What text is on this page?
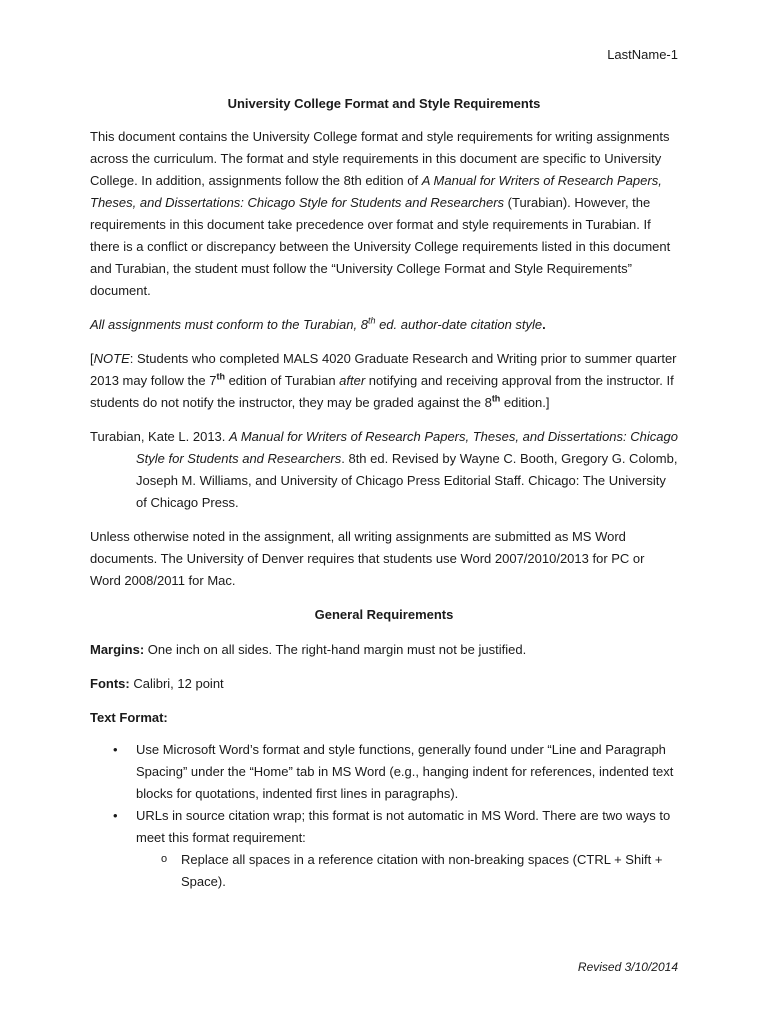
LastName-1

University College Format and Style Requirements

This document contains the University College format and style requirements for writing assignments across the curriculum. The format and style requirements in this document are specific to University College. In addition, assignments follow the 8th edition of A Manual for Writers of Research Papers, Theses, and Dissertations: Chicago Style for Students and Researchers (Turabian). However, the requirements in this document take precedence over format and style requirements in Turabian. If there is a conflict or discrepancy between the University College requirements listed in this document and Turabian, the student must follow the “University College Format and Style Requirements” document.

All assignments must conform to the Turabian, 8th ed. author-date citation style.

[NOTE: Students who completed MALS 4020 Graduate Research and Writing prior to summer quarter 2013 may follow the 7th edition of Turabian after notifying and receiving approval from the instructor. If students do not notify the instructor, they may be graded against the 8th edition.]

Turabian, Kate L. 2013. A Manual for Writers of Research Papers, Theses, and Dissertations: Chicago Style for Students and Researchers. 8th ed. Revised by Wayne C. Booth, Gregory G. Colomb, Joseph M. Williams, and University of Chicago Press Editorial Staff. Chicago: The University of Chicago Press.

Unless otherwise noted in the assignment, all writing assignments are submitted as MS Word documents. The University of Denver requires that students use Word 2007/2010/2013 for PC or Word 2008/2011 for Mac.

General Requirements

Margins: One inch on all sides. The right-hand margin must not be justified.

Fonts: Calibri, 12 point

Text Format:

• Use Microsoft Word’s format and style functions, generally found under “Line and Paragraph Spacing” under the “Home” tab in MS Word (e.g., hanging indent for references, indented text blocks for quotations, indented first lines in paragraphs).
• URLs in source citation wrap; this format is not automatic in MS Word. There are two ways to meet this format requirement:
o Replace all spaces in a reference citation with non-breaking spaces (CTRL + Shift + Space).
Revised 3/10/2014
